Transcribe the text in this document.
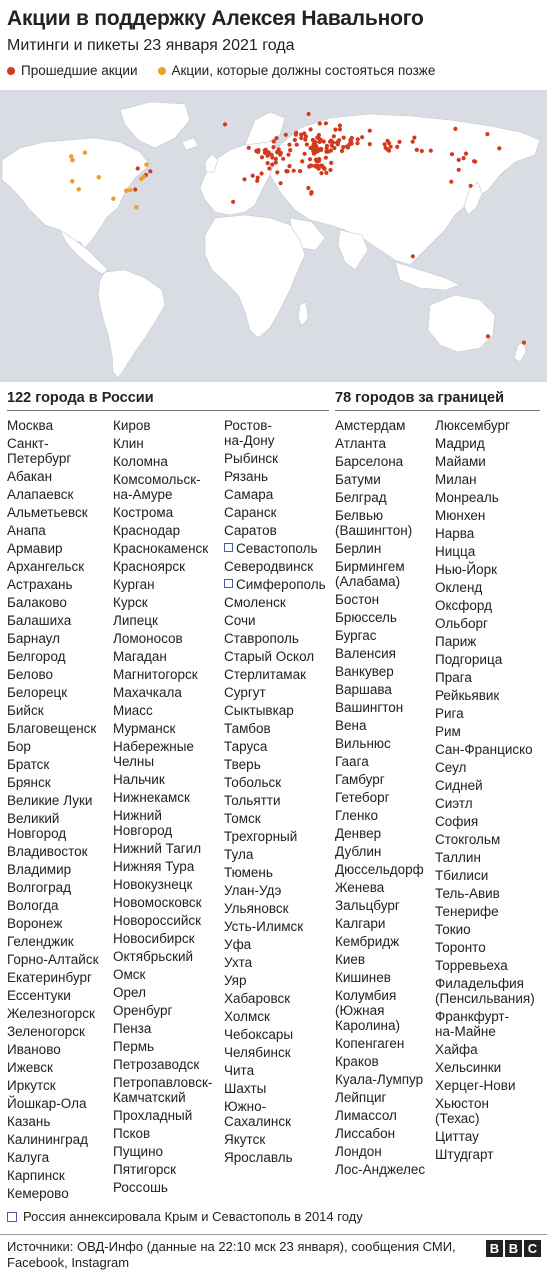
Акции в поддержку Алексея Навального
Митинги и пикеты 23 января 2021 года
Прошедшие акции	Акции, которые должны состояться позже
122 города в России	78 городов за границей
Москва
Санкт-
Петербург
Абакан
Алапаевск
Альметьевск
Анапа
Армавир
Архангельск
Астрахань
Балаково
Балашиха
Барнаул
Белгород
Белово
Белорецк
Бийск
Благовещенск
Бор
Братск
Брянск
Великие Луки
Великий
Новгород
Владивосток
Владимир
Волгоград
Вологда
Воронеж
Геленджик
Горно-Алтайск
Екатеринбург
Ессентуки
Железногорск
Зеленогорск
Иваново
Ижевск
Иркутск
Йошкар-Ола
Казань
Калининград
Калуга
Карпинск
Кемерово
Киров
Клин
Коломна
Комсомольск-
на-Амуре
Кострома
Краснодар
Краснокаменск
Красноярск
Курган
Курск
Липецк
Ломоносов
Магадан
Магнитогорск
Махачкала
Миасс
Мурманск
Набережные
Челны
Нальчик
Нижнекамск
Нижний
Новгород
Нижний Тагил
Нижняя Тура
Новокузнецк
Новомосковск
Новороссийск
Новосибирск
Октябрьский
Омск
Орел
Оренбург
Пенза
Пермь
Петрозаводск
Петропавловск-
Камчатский
Прохладный
Псков
Пущино
Пятигорск
Россошь
Ростов-
на-Дону
Рыбинск
Рязань
Самара
Саранск
Саратов
Севастополь
Северодвинск
Симферополь
Смоленск
Сочи
Ставрополь
Старый Оскол
Стерлитамак
Сургут
Сыктывкар
Тамбов
Таруса
Тверь
Тобольск
Тольятти
Томск
Трехгорный
Тула
Тюмень
Улан-Удэ
Ульяновск
Усть-Илимск
Уфа
Ухта
Уяр
Хабаровск
Холмск
Чебоксары
Челябинск
Чита
Шахты
Южно-
Сахалинск
Якутск
Ярославль
Амстердам
Атланта
Барселона
Батуми
Белград
Белвью
(Вашингтон)
Берлин
Бирмингем
(Алабама)
Бостон
Брюссель
Бургас
Валенсия
Ванкувер
Варшава
Вашингтон
Вена
Вильнюс
Гаага
Гамбург
Гетеборг
Гленко
Денвер
Дублин
Дюссельдорф
Женева
Зальцбург
Калгари
Кембридж
Киев
Кишинев
Колумбия
(Южная
Каролина)
Копенгаген
Краков
Куала-Лумпур
Лейпциг
Лимассол
Лиссабон
Лондон
Лос-Анджелес
Люксембург
Мадрид
Майами
Милан
Монреаль
Мюнхен
Нарва
Ницца
Нью-Йорк
Окленд
Оксфорд
Ольборг
Париж
Подгорица
Прага
Рейкьявик
Рига
Рим
Сан-Франциско
Сеул
Сидней
Сиэтл
София
Стокгольм
Таллин
Тбилиси
Тель-Авив
Тенерифе
Токио
Торонто
Торревьеха
Филадельфия
(Пенсильвания)
Франкфурт-
на-Майне
Хайфа
Хельсинки
Херцег-Нови
Хьюстон
(Техас)
Циттау
Штудгарт
Россия аннексировала Крым и Севастополь в 2014 году
Источники: ОВД-Инфо (данные на 22:10 мск 23 января), сообщения СМИ, Facebook, Instagram
B B C
